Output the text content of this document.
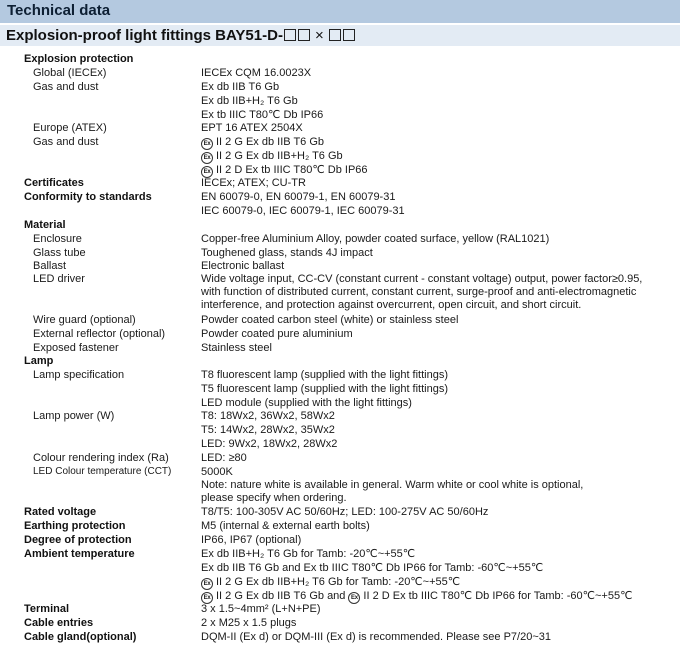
Technical data
Explosion-proof light fittings BAY51-D- ×
Explosion protection
Global (IECEx)	IECEx CQM 16.0023X
Gas and dust	Ex db IIB T6 Gb
Ex db IIB+H₂ T6 Gb
Ex tb IIIC T80℃ Db IP66
Europe (ATEX)	EPT 16 ATEX 2504X
Gas and dust	Ex II 2 G Ex db IIB T6 Gb
Ex II 2 G Ex db IIB+H₂ T6 Gb
Ex II 2 D Ex tb IIIC T80℃ Db IP66
Certificates	IECEx; ATEX; CU-TR
Conformity to standards	EN 60079-0, EN 60079-1, EN 60079-31
IEC 60079-0, IEC 60079-1, IEC 60079-31
Material
Enclosure	Copper-free Aluminium Alloy, powder coated surface, yellow (RAL1021)
Glass tube	Toughened glass, stands 4J impact
Ballast	Electronic ballast
LED driver	Wide voltage input, CC-CV (constant current - constant voltage) output, power factor≥0.95,
with function of distributed current, constant current, surge-proof and anti-electromagnetic
interference, and protection against overcurrent, open circuit, and short circuit.
Wire guard (optional)	Powder coated carbon steel (white) or stainless steel
External reflector (optional)	Powder coated pure aluminium
Exposed fastener	Stainless steel
Lamp
Lamp specification	T8 fluorescent lamp (supplied with the light fittings)
T5 fluorescent lamp (supplied with the light fittings)
LED module (supplied with the light fittings)
Lamp power (W)	T8: 18Wx2, 36Wx2, 58Wx2
T5: 14Wx2, 28Wx2, 35Wx2
LED: 9Wx2, 18Wx2, 28Wx2
Colour rendering index (Ra)	LED: ≥80
LED Colour temperature (CCT)	5000K
Note: nature white is available in general. Warm white or cool white is optional,
please specify when ordering.
Rated voltage	T8/T5: 100-305V AC 50/60Hz; LED: 100-275V AC 50/60Hz
Earthing protection	M5 (internal & external earth bolts)
Degree of protection	IP66, IP67 (optional)
Ambient temperature	Ex db IIB+H₂ T6 Gb for Tamb: -20℃~+55℃
Ex db IIB T6 Gb and Ex tb IIIC T80℃ Db IP66 for Tamb: -60℃~+55℃
Ex II 2 G Ex db IIB+H₂ T6 Gb for Tamb: -20℃~+55℃
Ex II 2 G Ex db IIB T6 Gb and Ex II 2 D Ex tb IIIC T80℃ Db IP66 for Tamb: -60℃~+55℃
Terminal	3 x 1.5~4mm² (L+N+PE)
Cable entries	2 x M25 x 1.5 plugs
Cable gland(optional)	DQM-II (Ex d) or DQM-III (Ex d) is recommended. Please see P7/20~31
